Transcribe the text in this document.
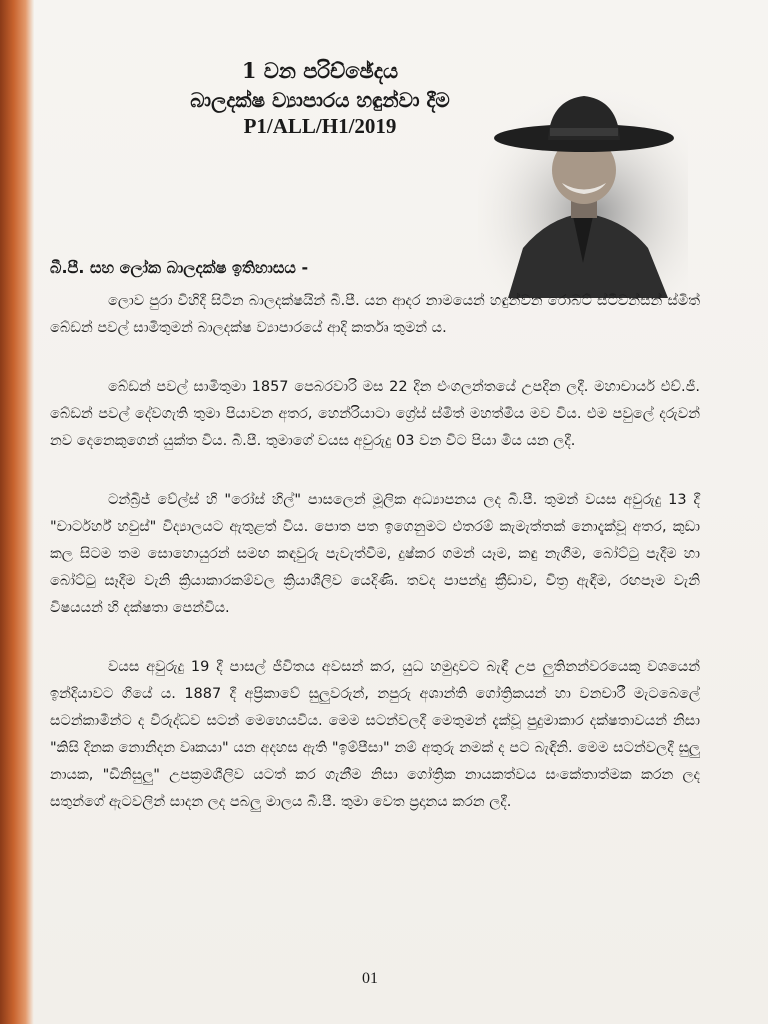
1 වන පරිච්ඡේදය
බාලදක්ෂ ව්‍යාපාරය හඳුන්වා දීම
P1/ALL/H1/2019
බී.පී. සහ ලෝක බාලදක්ෂ ඉතිහාසය -

ලොව පුරා විහිදී සිටින බාලදක්ෂයින් බී.පී. යන ආදර නාමයෙන් හඳුන්වන රොබට් ස්ටීවන්සන් ස්මිත් බේඩන් පවල් සාමිතුමන් බාලදක්ෂ ව්‍යාපාරයේ ආදි කර්තෘ තුමන් ය.

බේඩන් පවල් සාමිතුමා 1857 පෙබරවාරි මස 22 දින එංගලන්තයේ උපදින ලදී. මහාචාර්ය එච්.ජී. බේඩන් පවල් දේවගැති තුමා පියාවන අතර, හෙන්රියාටා ග්‍රේස් ස්මිත් මහත්මිය මව විය. එම පවුලේ දරුවන් නව දෙනෙකුගෙන් යුක්ත විය. බී.පී. තුමාගේ වයස අවුරුදු 03 වන විට පියා මිය යන ලදී.

ටන්බ්‍රිජ් වේල්ස් හි "රෝස් හිල්" පාසලෙන් මූලික අධ්‍යාපනය ලද බී.පී. තුමන් වයස අවුරුදු 13 දී "චාර්ටර්හ් හවුස්" විද්‍යාලයට ඇතුළත් විය. පොත පත ඉගෙනුමට එතරම් කැමැත්තක් නොදැක්වූ අතර, කුඩා කල සිටම තම සොහොයුරන් සමඟ කඳවුරු පැවැත්වීම, දුෂ්කර ගමන් යෑම, කඳු නැගීම, බෝට්ටු පැදීම හා බෝට්ටු සෑදීම වැනි ක්‍රියාකාරකම්වල ක්‍රියාශීලිව යෙදිණි. තවද පාපන්දු ක්‍රීඩාව, චිත්‍ර ඇඳීම, රඟපෑම වැනි විෂයයන් හි දක්ෂතා පෙන්විය.

වයස අවුරුදු 19 දී පාසල් ජීවිතය අවසන් කර, යුධ හමුදාවට බැඳී උප ලුතිනන්වරයෙකු වශයෙන් ඉන්දියාවට ගියේ ය. 1887 දී අප්‍රිකාවේ සුලුවරුන්, නපුරු අශාන්ති ගෝත්‍රිකයන් හා වනචාරී මැටබෙලේ සටන්කාමීන්ට ද විරුද්ධව සටන් මෙහෙයවිය. මෙම සටන්වලදී මෙතුමන් දැක්වූ පුදුමාකාර දක්ෂතාවයන් නිසා "කිසි දිනක නොනිදන වෘකයා" යන අදහස ඇති "ඉම්පීසා" නම් අතුරු නමක් ද පට බැඳිනි. මෙම සටන්වලදී සුලු නායක, "ඩිනිසුලු" උපක්‍රමශීලිව යටත් කර ගැනීම නිසා ගෝත්‍රික නායකත්වය සංකේතාත්මක කරන ලද සතුන්ගේ ඇටවලින් සාදන ලද පබලු මාලය බී.පී. තුමා වෙත ප්‍රදානය කරන ලදී.

01
